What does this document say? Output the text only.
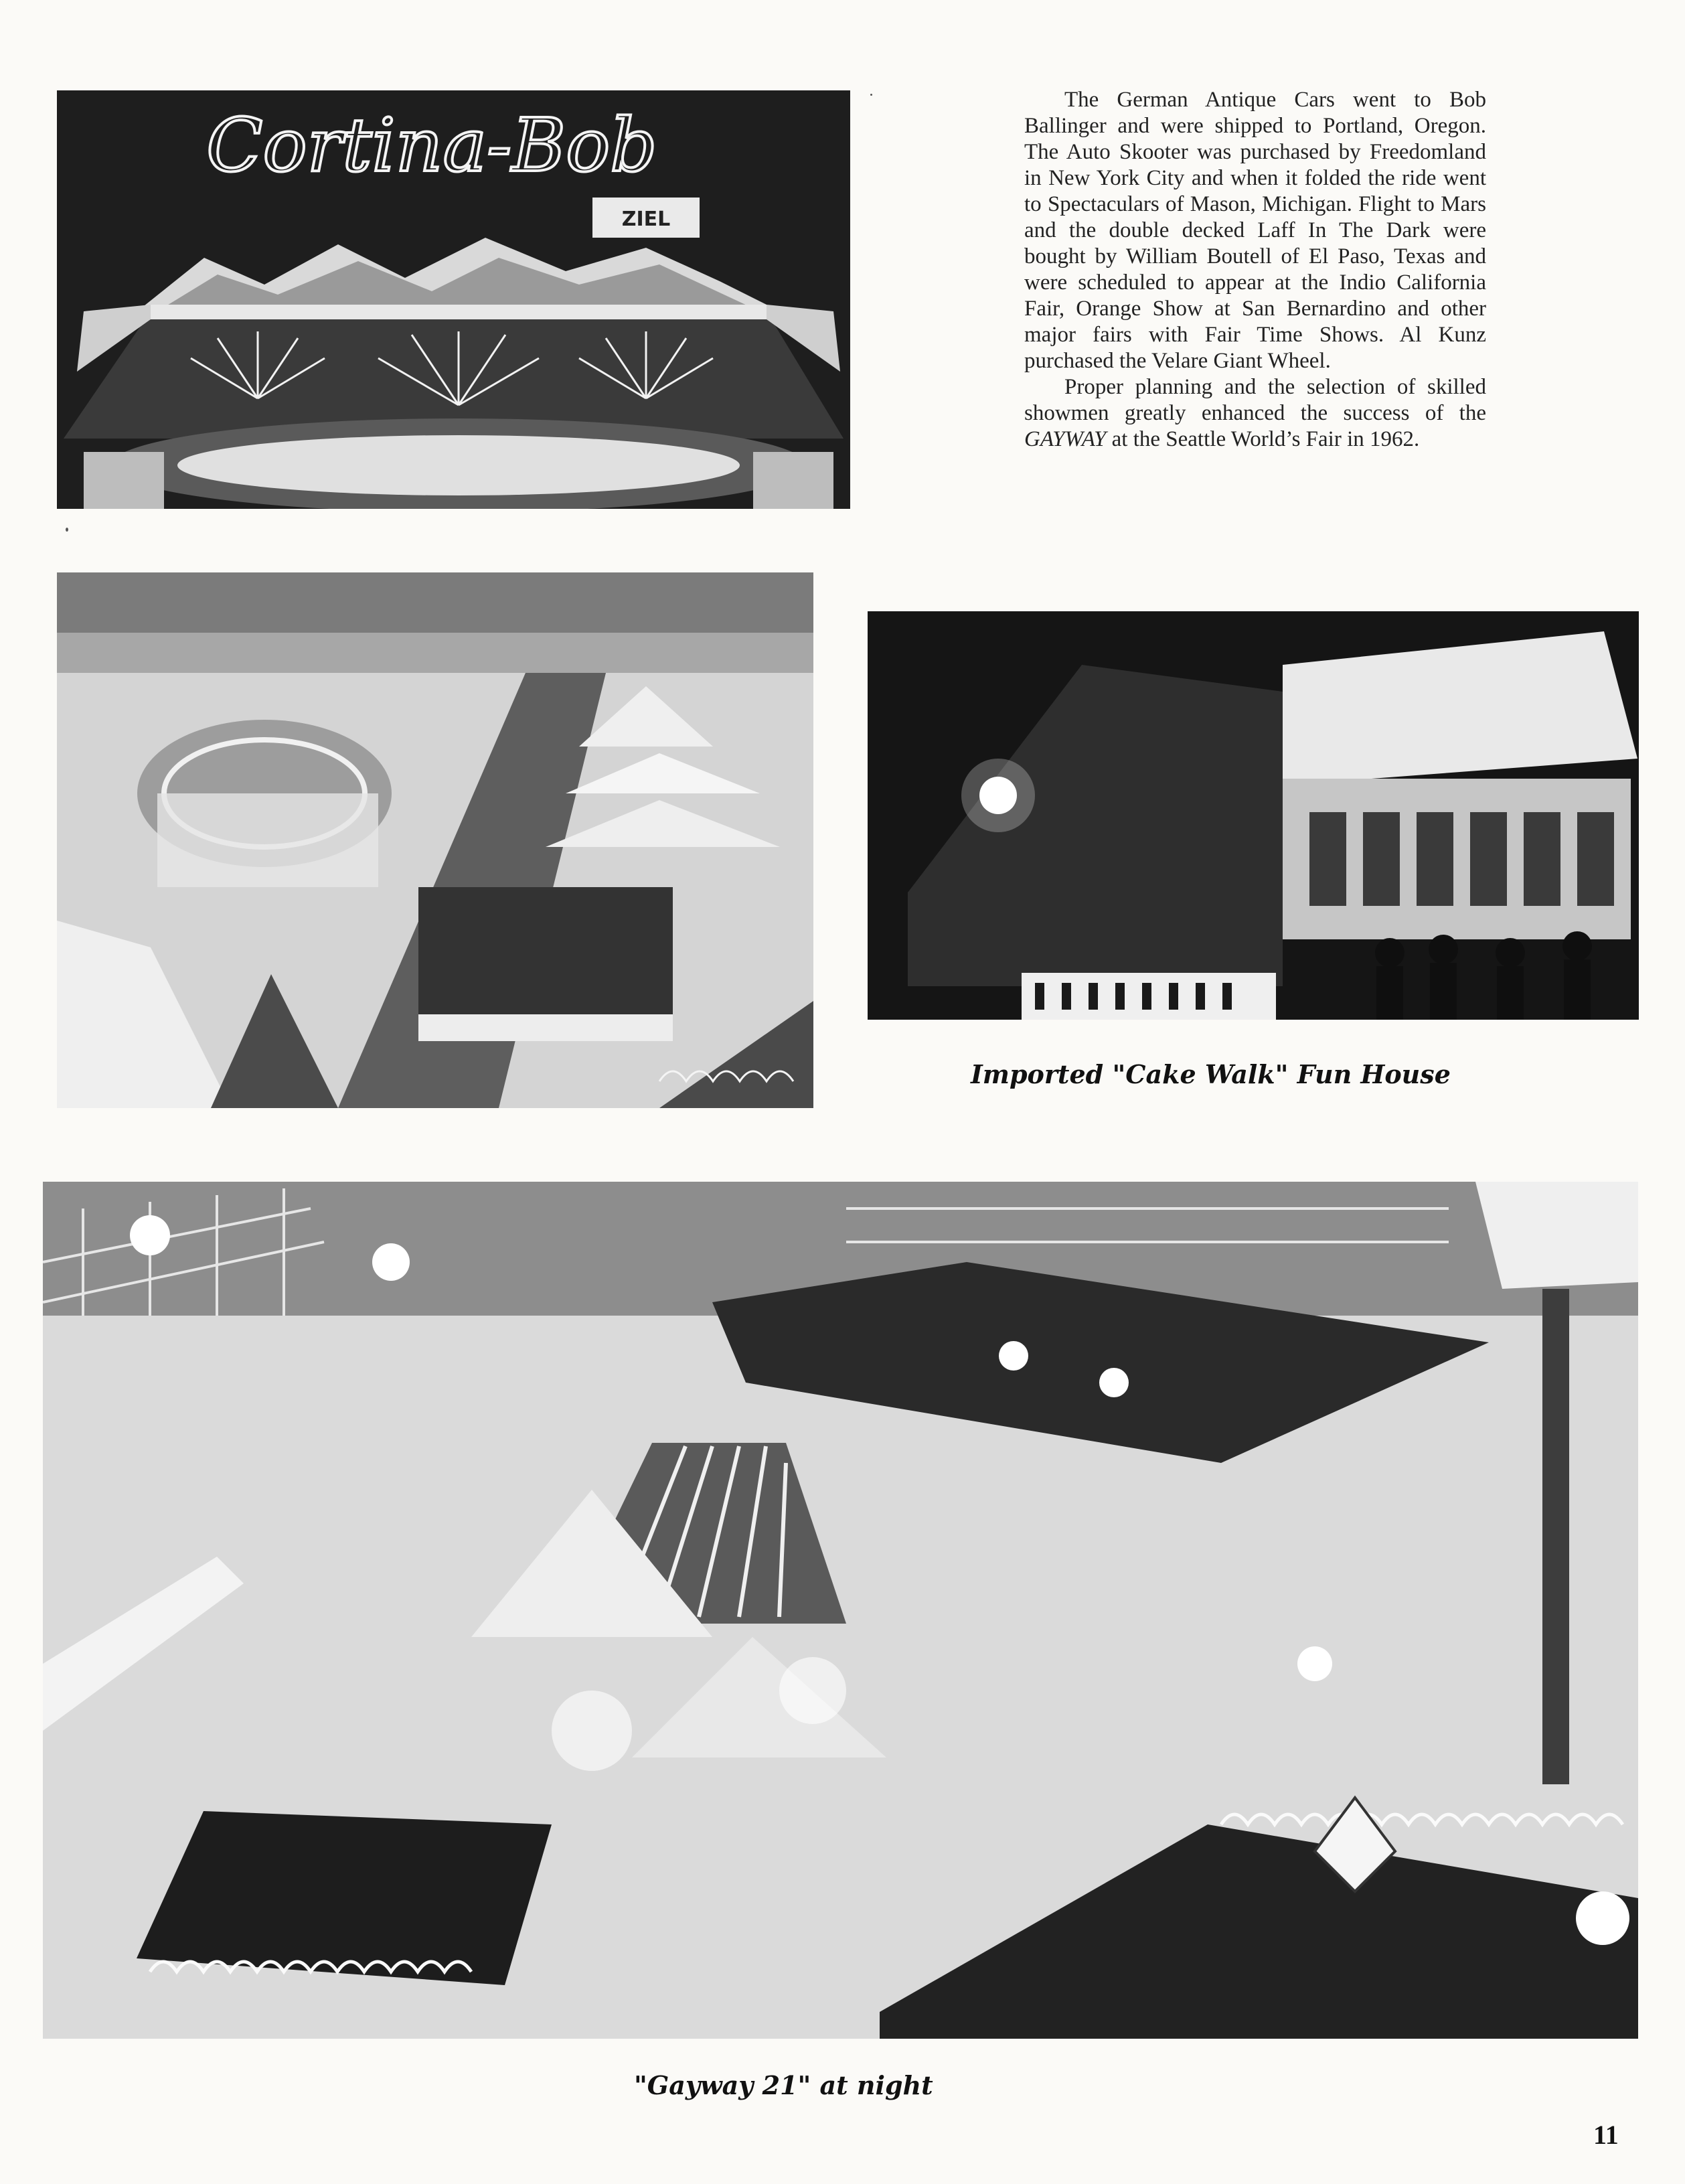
ZIEL
Cortina-Bob

The German Antique Cars went to Bob Ballinger and were shipped to Portland, Oregon. The Auto Skooter was purchased by Freedomland in New York City and when it folded the ride went to Spectaculars of Mason, Michigan. Flight to Mars and the double decked Laff In The Dark were bought by William Boutell of El Paso, Texas and were scheduled to appear at the Indio California Fair, Orange Show at San Bernardino and other major fairs with Fair Time Shows. Al Kunz purchased the Velare Giant Wheel.

Proper planning and the selection of skilled showmen greatly enhanced the success of the GAYWAY at the Seattle World’s Fair in 1962.

Imported "Cake Walk" Fun House
"Gayway 21" at night
11
